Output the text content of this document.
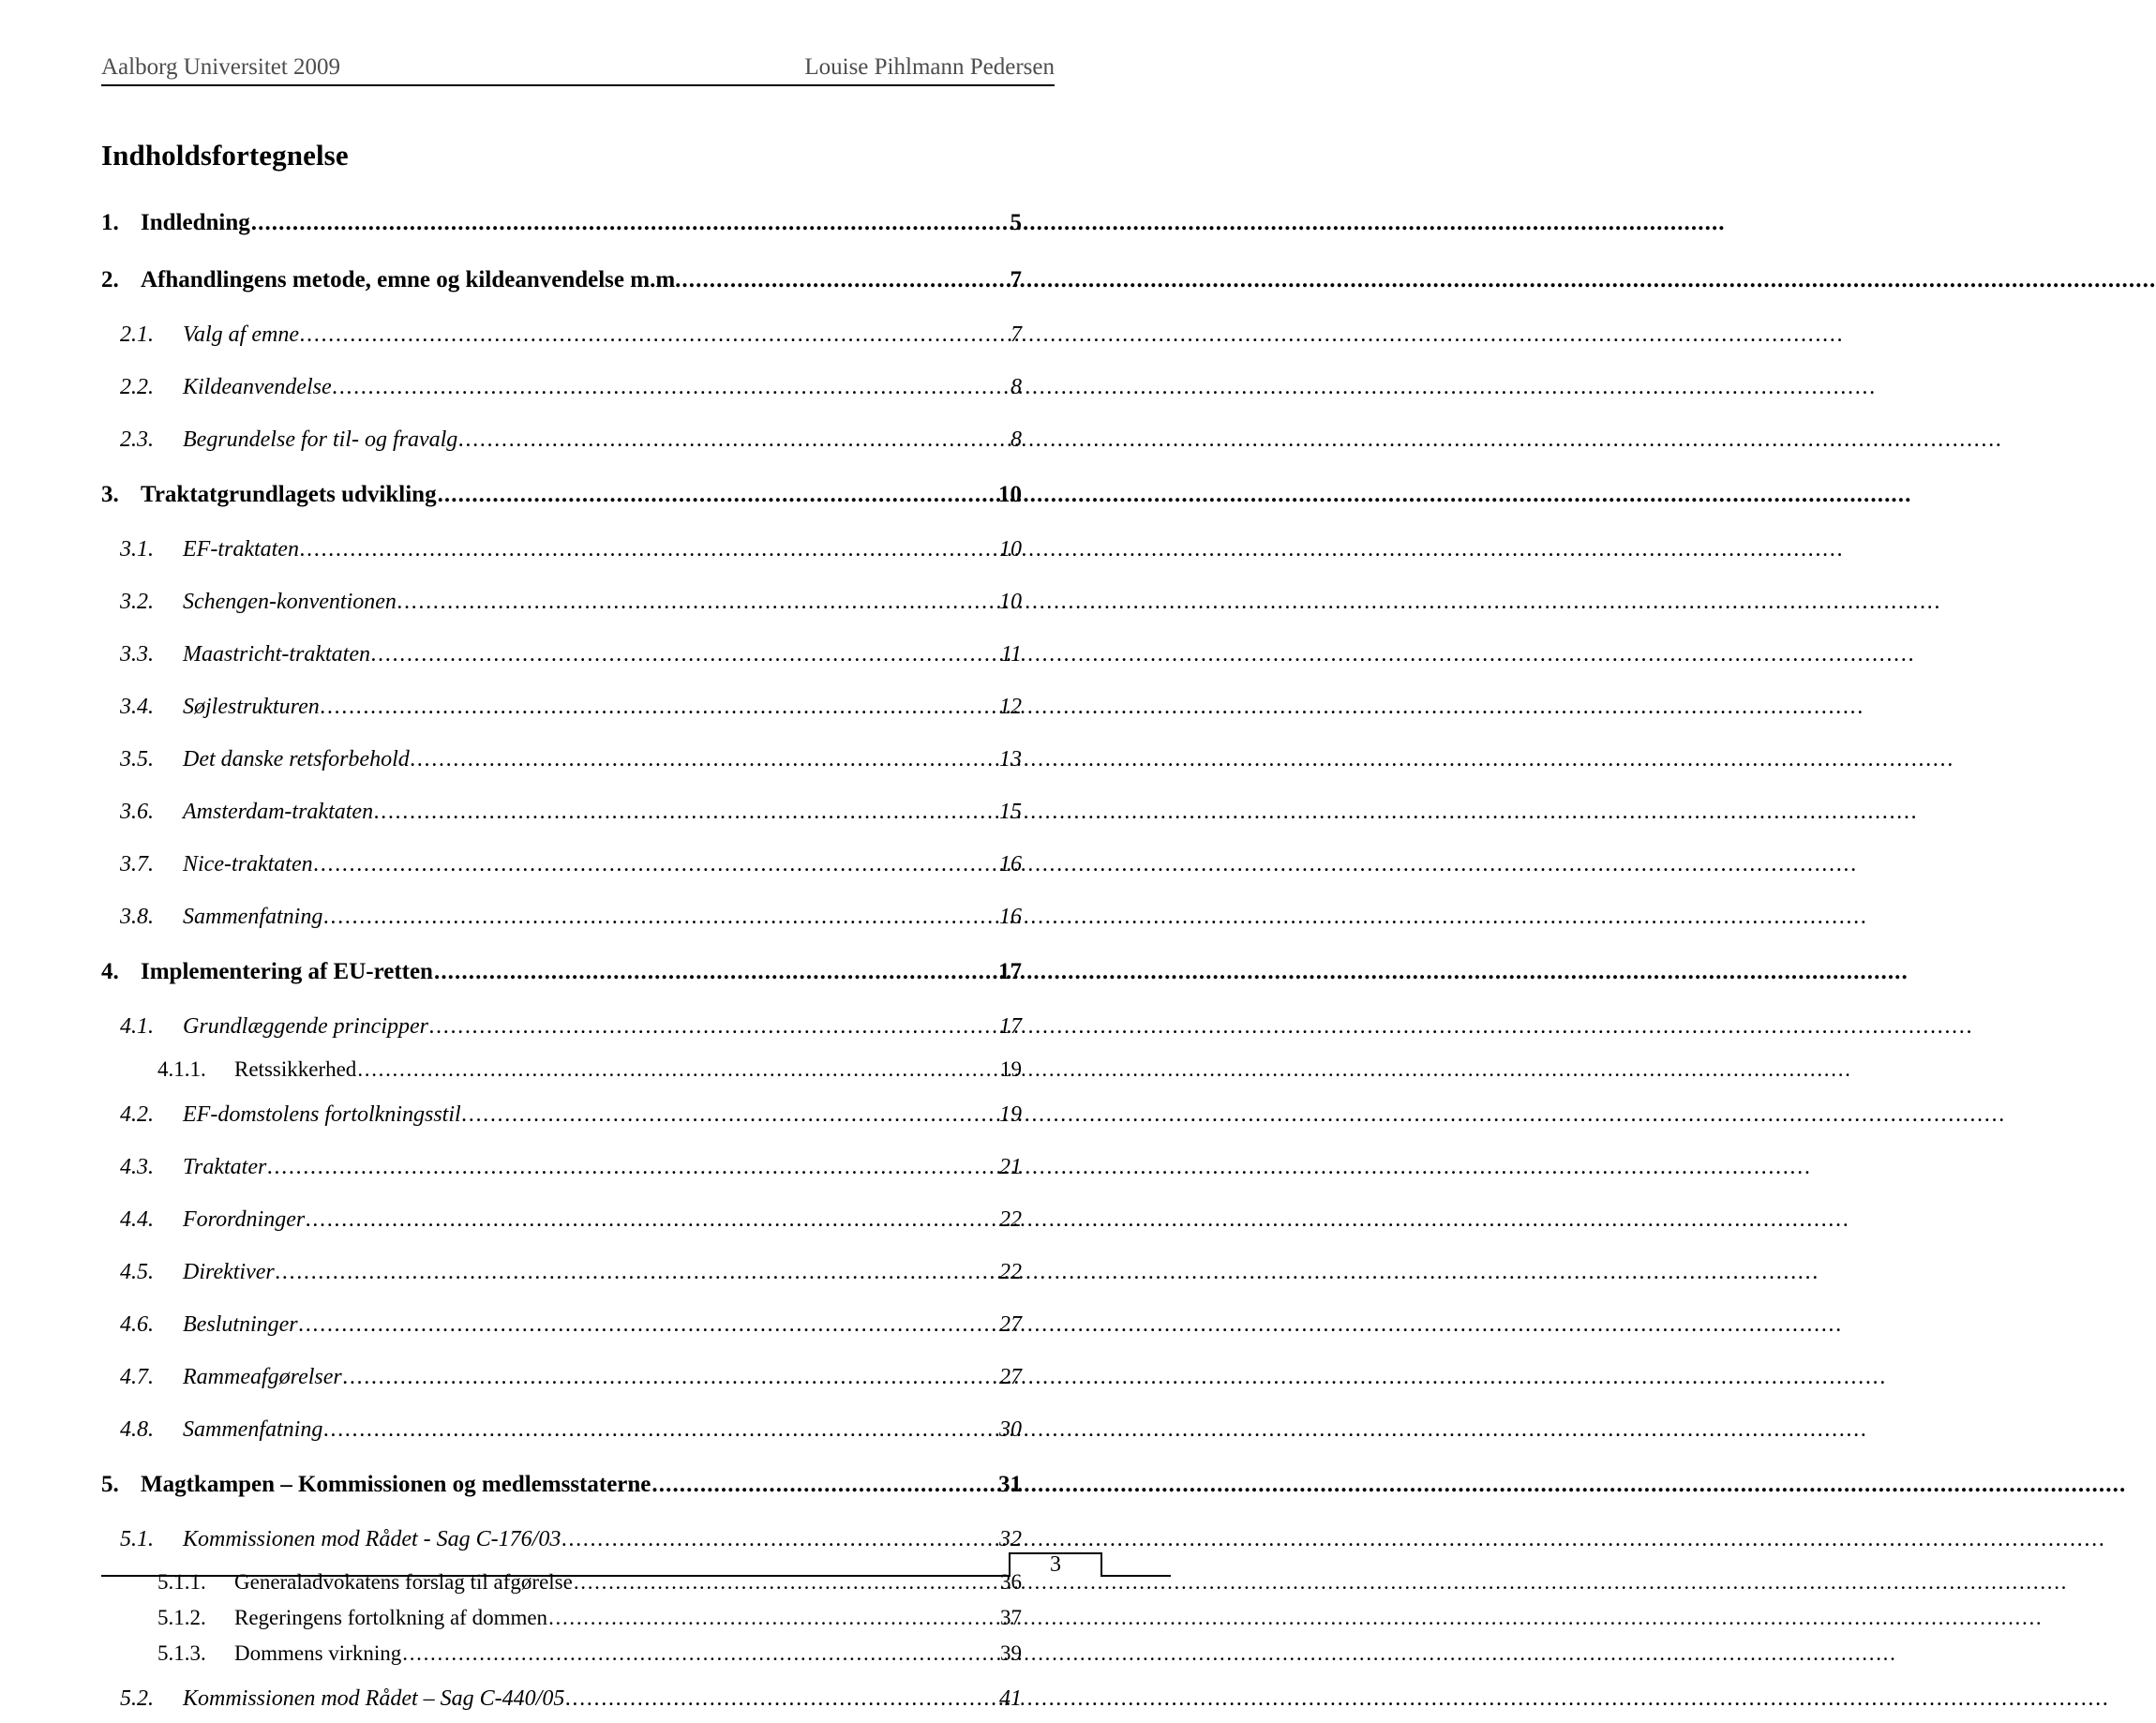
Aalborg Universitet 2009	Louise Pihlmann Pedersen
Indholdsfortegnelse
1. Indledning .....	5
2. Afhandlingens metode, emne og kildeanvendelse m.m. .....	7
2.1.	Valg af emne .....	7
2.2.	Kildeanvendelse .....	8
2.3.	Begrundelse for til- og fravalg .....	8
3. Traktatgrundlagets udvikling .....	10
3.1.	EF-traktaten .....	10
3.2.	Schengen-konventionen .....	10
3.3.	Maastricht-traktaten .....	11
3.4.	Søjlestrukturen .....	12
3.5.	Det danske retsforbehold .....	13
3.6.	Amsterdam-traktaten .....	15
3.7.	Nice-traktaten .....	16
3.8.	Sammenfatning .....	16
4. Implementering af EU-retten .....	17
4.1.	Grundlæggende principper .....	17
4.1.1.	Retssikkerhed .....	19
4.2.	EF-domstolens fortolkningsstil .....	19
4.3.	Traktater .....	21
4.4.	Forordninger .....	22
4.5.	Direktiver .....	22
4.6.	Beslutninger .....	27
4.7.	Rammeafgørelser .....	27
4.8.	Sammenfatning .....	30
5. Magtkampen – Kommissionen og medlemsstaterne .....	31
5.1.	Kommissionen mod Rådet - Sag C-176/03 .....	32
5.1.1.	Generaladvokatens forslag til afgørelse .....	36
5.1.2.	Regeringens fortolkning af dommen .....	37
5.1.3.	Dommens virkning .....	39
5.2.	Kommissionen mod Rådet – Sag C-440/05 .....	41
3
